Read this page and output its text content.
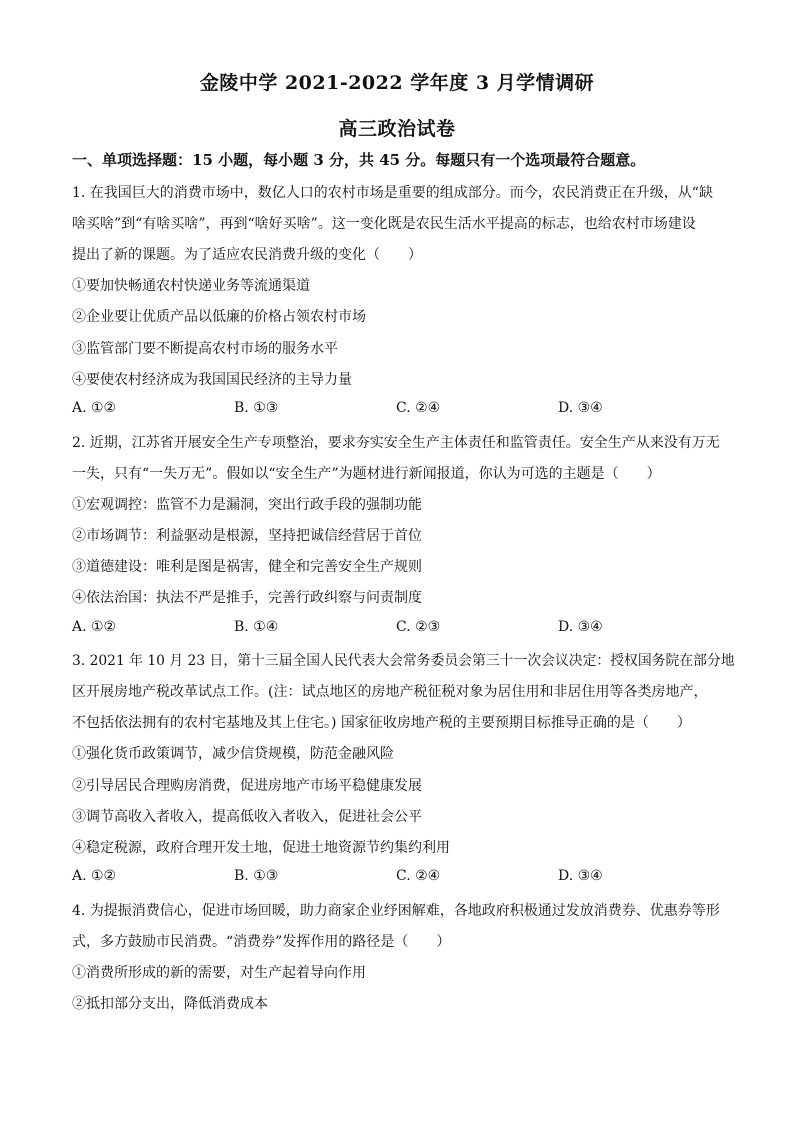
金陵中学 2021-2022 学年度 3 月学情调研
高三政治试卷
一、单项选择题：15 小题，每小题 3 分，共 45 分。每题只有一个选项最符合题意。
1. 在我国巨大的消费市场中，数亿人口的农村市场是重要的组成部分。而今，农民消费正在升级，从“缺
啥买啥”到“有啥买啥”，再到“啥好买啥”。这一变化既是农民生活水平提高的标志，也给农村市场建设
提出了新的课题。为了适应农民消费升级的变化（　　）
①要加快畅通农村快递业务等流通渠道
②企业要让优质产品以低廉的价格占领农村市场
③监管部门要不断提高农村市场的服务水平
④要使农村经济成为我国国民经济的主导力量
A. ①②	B. ①③	C. ②④	D. ③④
2. 近期，江苏省开展安全生产专项整治，要求夯实安全生产主体责任和监管责任。安全生产从来没有万无
一失，只有“一失万无”。假如以“安全生产”为题材进行新闻报道，你认为可选的主题是（　　）
①宏观调控：监管不力是漏洞，突出行政手段的强制功能
②市场调节：利益驱动是根源，坚持把诚信经营居于首位
③道德建设：唯利是图是祸害，健全和完善安全生产规则
④依法治国：执法不严是推手，完善行政纠察与问责制度
A. ①②	B. ①④	C. ②③	D. ③④
3. 2021 年 10 月 23 日，第十三届全国人民代表大会常务委员会第三十一次会议决定：授权国务院在部分地
区开展房地产税改革试点工作。(注：试点地区的房地产税征税对象为居住用和非居住用等各类房地产，
不包括依法拥有的农村宅基地及其上住宅。) 国家征收房地产税的主要预期目标推导正确的是（　　）
①强化货币政策调节，减少信贷规模，防范金融风险
②引导居民合理购房消费，促进房地产市场平稳健康发展
③调节高收入者收入，提高低收入者收入，促进社会公平
④稳定税源，政府合理开发土地，促进土地资源节约集约利用
A. ①②	B. ①③	C. ②④	D. ③④
4. 为提振消费信心，促进市场回暖，助力商家企业纾困解难，各地政府积极通过发放消费券、优惠券等形
式，多方鼓励市民消费。“消费券”发挥作用的路径是（　　）
①消费所形成的新的需要，对生产起着导向作用
②抵扣部分支出，降低消费成本
